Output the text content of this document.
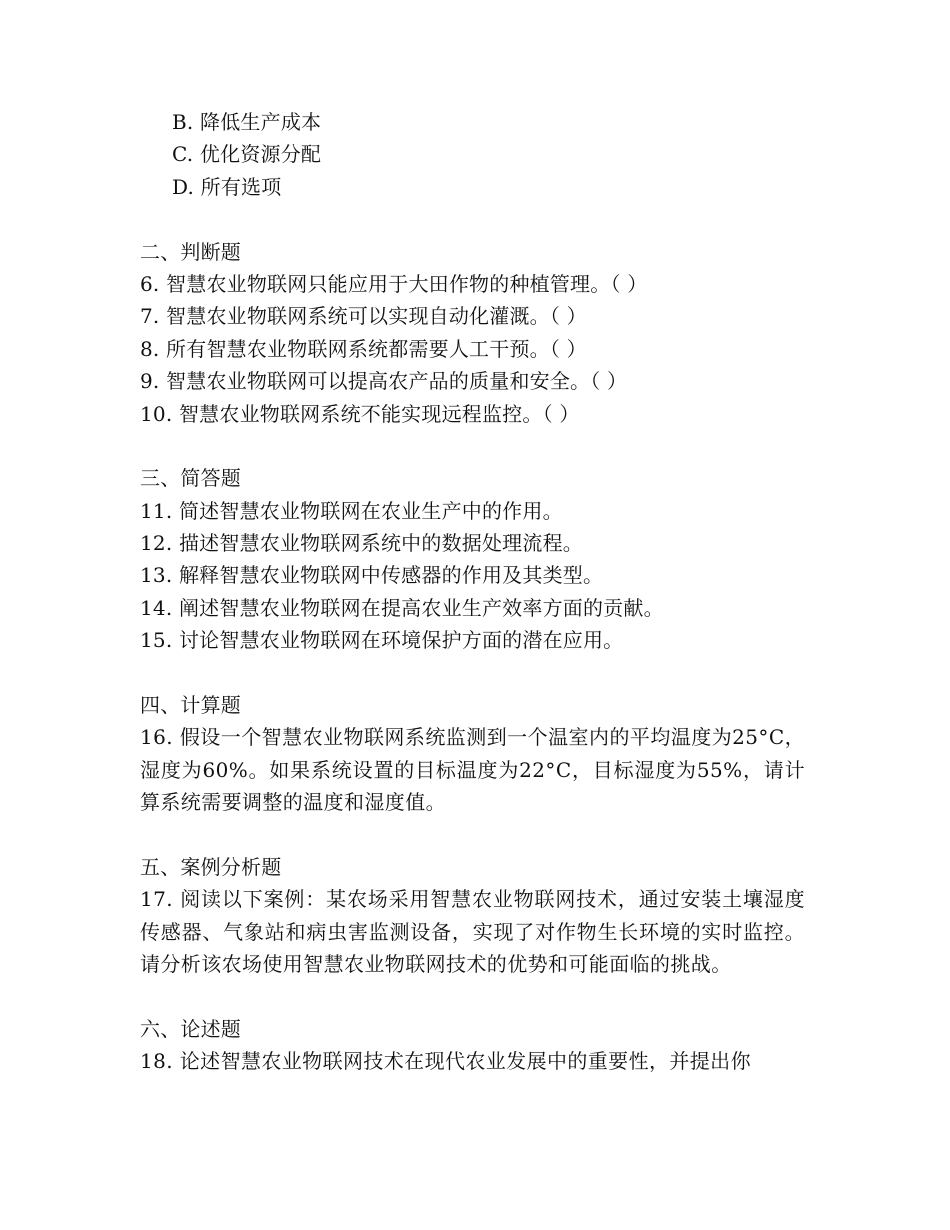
B. 降低生产成本
C. 优化资源分配
D. 所有选项
二、判断题
6. 智慧农业物联网只能应用于大田作物的种植管理。（ ）
7. 智慧农业物联网系统可以实现自动化灌溉。（ ）
8. 所有智慧农业物联网系统都需要人工干预。（ ）
9. 智慧农业物联网可以提高农产品的质量和安全。（ ）
10. 智慧农业物联网系统不能实现远程监控。（ ）
三、简答题
11. 简述智慧农业物联网在农业生产中的作用。
12. 描述智慧农业物联网系统中的数据处理流程。
13. 解释智慧农业物联网中传感器的作用及其类型。
14. 阐述智慧农业物联网在提高农业生产效率方面的贡献。
15. 讨论智慧农业物联网在环境保护方面的潜在应用。
四、计算题
16. 假设一个智慧农业物联网系统监测到一个温室内的平均温度为25°C，湿度为60%。如果系统设置的目标温度为22°C，目标湿度为55%，请计算系统需要调整的温度和湿度值。
五、案例分析题
17. 阅读以下案例：某农场采用智慧农业物联网技术，通过安装土壤湿度传感器、气象站和病虫害监测设备，实现了对作物生长环境的实时监控。请分析该农场使用智慧农业物联网技术的优势和可能面临的挑战。
六、论述题
18. 论述智慧农业物联网技术在现代农业发展中的重要性，并提出你
